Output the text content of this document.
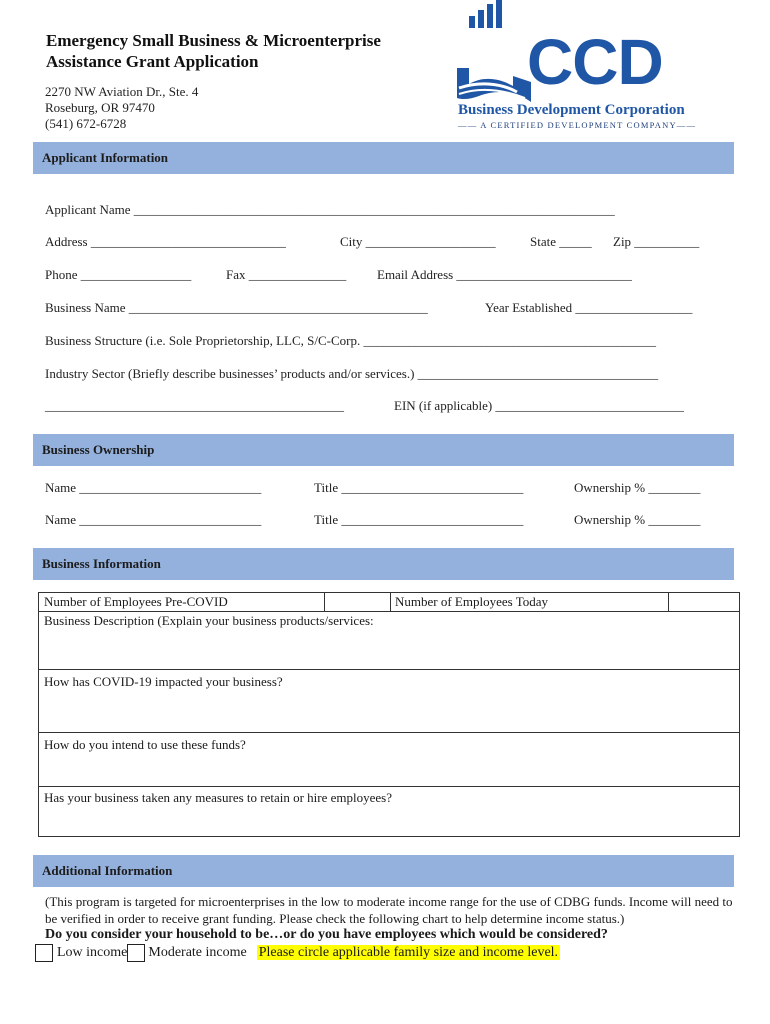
Emergency Small Business & Microenterprise
Assistance Grant Application
2270 NW Aviation Dr., Ste. 4
Roseburg, OR 97470
(541) 672-6728
CCD
Business Development Corporation
—— A CERTIFIED DEVELOPMENT COMPANY——
Applicant Information
Applicant Name __________________________________________________________________________
Address ______________________________	City ____________________	State _____ Zip __________
Phone _________________	Fax _______________ Email Address ___________________________
Business Name ______________________________________________	Year Established __________________
Business Structure (i.e. Sole Proprietorship, LLC, S/C-Corp. _____________________________________________
Industry Sector (Briefly describe businesses’ products and/or services.) _____________________________________
______________________________________________	EIN (if applicable) _____________________________
Business Ownership
Name ____________________________	Title ____________________________	Ownership % ________
Name ____________________________	Title ____________________________	Ownership % ________
Business Information
Number of Employees Pre-COVID	Number of Employees Today
Business Description (Explain your business products/services:
How has COVID-19 impacted your business?
How do you intend to use these funds?
Has your business taken any measures to retain or hire employees?
Additional Information
(This program is targeted for microenterprises in the low to moderate income range for the use of CDBG funds. Income will need to be verified in order to receive grant funding. Please check the following chart to help determine income status.)
Do you consider your household to be…or do you have employees which would be considered?
Low income Moderate income Please circle applicable family size and income level.
